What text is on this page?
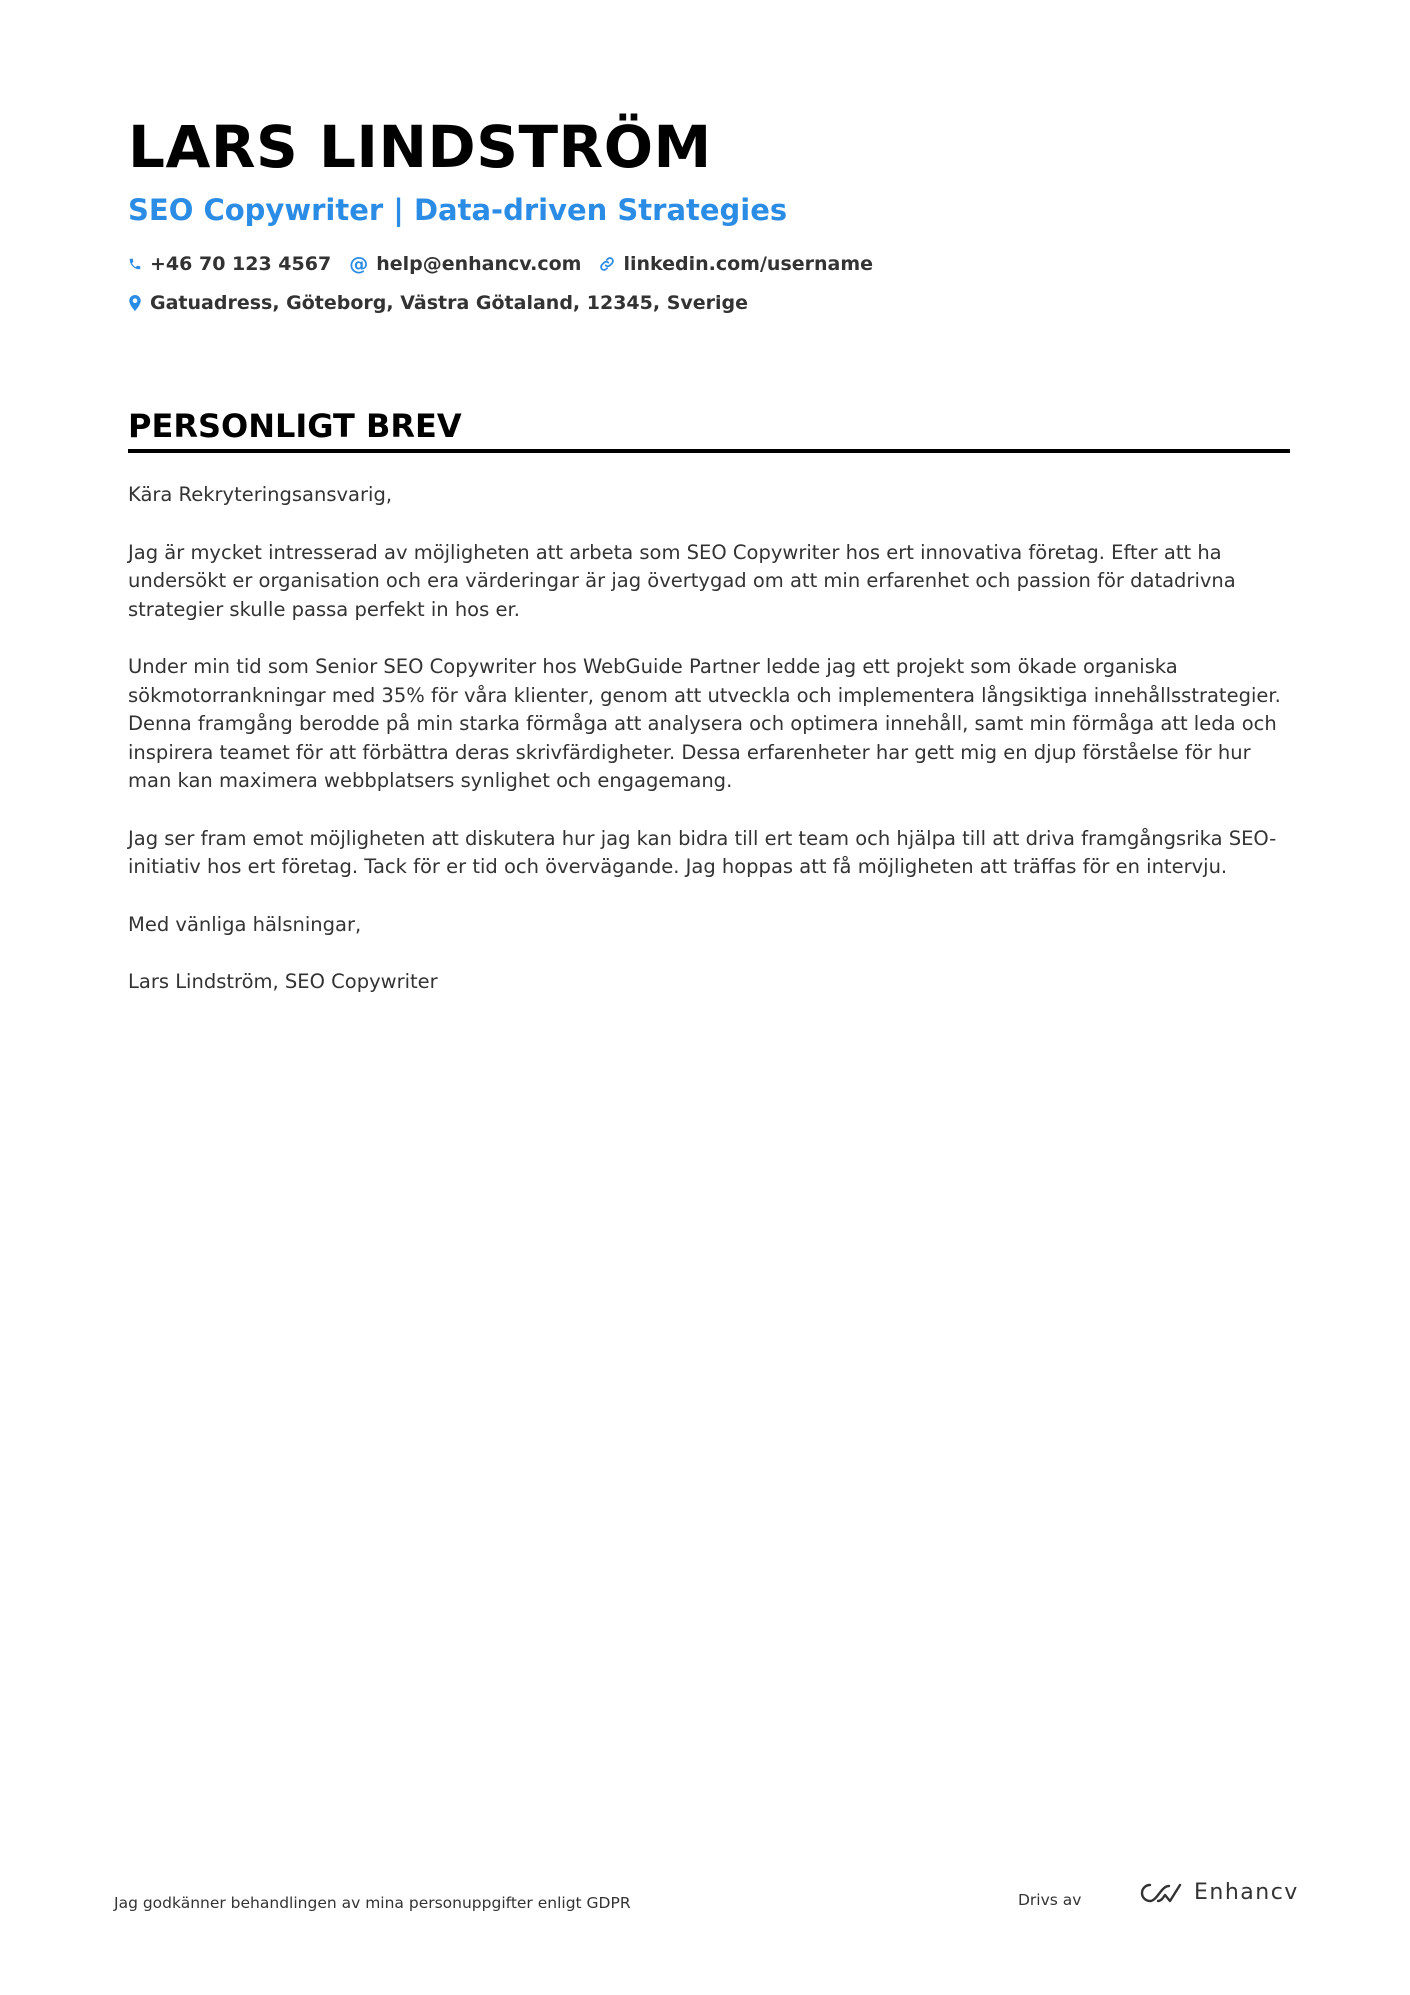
LARS LINDSTRÖM
SEO Copywriter | Data-driven Strategies
+46 70 123 4567 @ help@enhancv.com linkedin.com/username
Gatuadress, Göteborg, Västra Götaland, 12345, Sverige
PERSONLIGT BREV

Kära Rekryteringsansvarig,

Jag är mycket intresserad av möjligheten att arbeta som SEO Copywriter hos ert innovativa företag. Efter att ha undersökt er organisation och era värderingar är jag övertygad om att min erfarenhet och passion för datadrivna strategier skulle passa perfekt in hos er.

Under min tid som Senior SEO Copywriter hos WebGuide Partner ledde jag ett projekt som ökade organiska sökmotorrankningar med 35% för våra klienter, genom att utveckla och implementera långsiktiga innehållsstrategier. Denna framgång berodde på min starka förmåga att analysera och optimera innehåll, samt min förmåga att leda och inspirera teamet för att förbättra deras skrivfärdigheter. Dessa erfarenheter har gett mig en djup förståelse för hur man kan maximera webbplatsers synlighet och engagemang.

Jag ser fram emot möjligheten att diskutera hur jag kan bidra till ert team och hjälpa till att driva framgångsrika SEO-initiativ hos ert företag. Tack för er tid och övervägande. Jag hoppas att få möjligheten att träffas för en intervju.

Med vänliga hälsningar,

Lars Lindström, SEO Copywriter

Jag godkänner behandlingen av mina personuppgifter enligt GDPR	Drivs av	Enhancv
